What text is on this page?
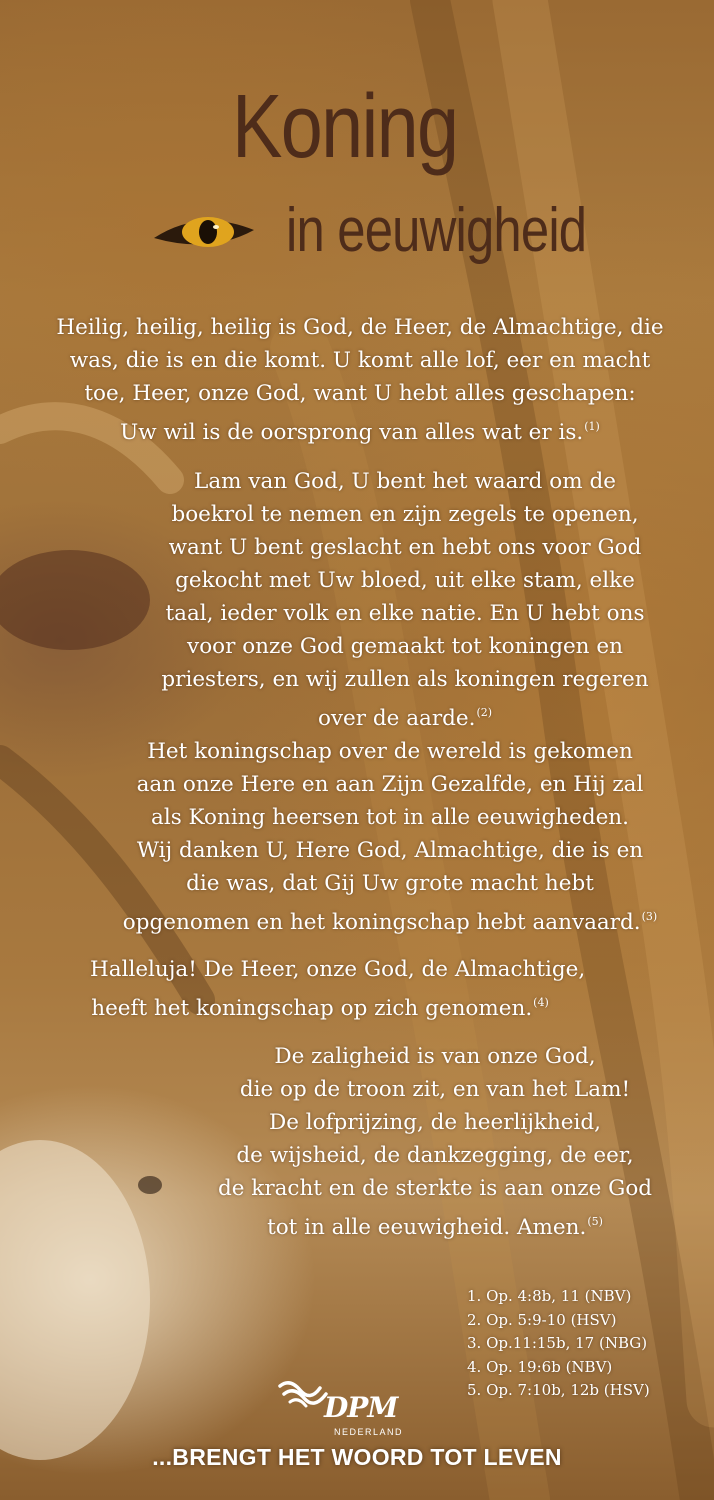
Koning
in eeuwigheid
Heilig, heilig, heilig is God, de Heer, de Almachtige, die
was, die is en die komt. U komt alle lof, eer en macht
toe, Heer, onze God, want U hebt alles geschapen:
Uw wil is de oorsprong van alles wat er is.$^{(1)}$
Lam van God, U bent het waard om de
boekrol te nemen en zijn zegels te openen,
want U bent geslacht en hebt ons voor God
gekocht met Uw bloed, uit elke stam, elke
taal, ieder volk en elke natie. En U hebt ons
voor onze God gemaakt tot koningen en
priesters, en wij zullen als koningen regeren
over de aarde.$^{(2)}$
Het koningschap over de wereld is gekomen
aan onze Here en aan Zijn Gezalfde, en Hij zal
als Koning heersen tot in alle eeuwigheden.
Wij danken U, Here God, Almachtige, die is en
die was, dat Gij Uw grote macht hebt
opgenomen en het koningschap hebt aanvaard.$^{(3)}$
Halleluja! De Heer, onze God, de Almachtige,
heeft het koningschap op zich genomen.$^{(4)}$
De zaligheid is van onze God,
die op de troon zit, en van het Lam!
De lofprijzing, de heerlijkheid,
de wijsheid, de dankzegging, de eer,
de kracht en de sterkte is aan onze God
tot in alle eeuwigheid. Amen.$^{(5)}$
1. Op. 4:8b, 11 (NBV)
2. Op. 5:9-10 (HSV)
3. Op.11:15b, 17 (NBG)
4. Op. 19:6b (NBV)
5. Op. 7:10b, 12b (HSV)
DPM
NEDERLAND
...BRENGT HET WOORD TOT LEVEN
